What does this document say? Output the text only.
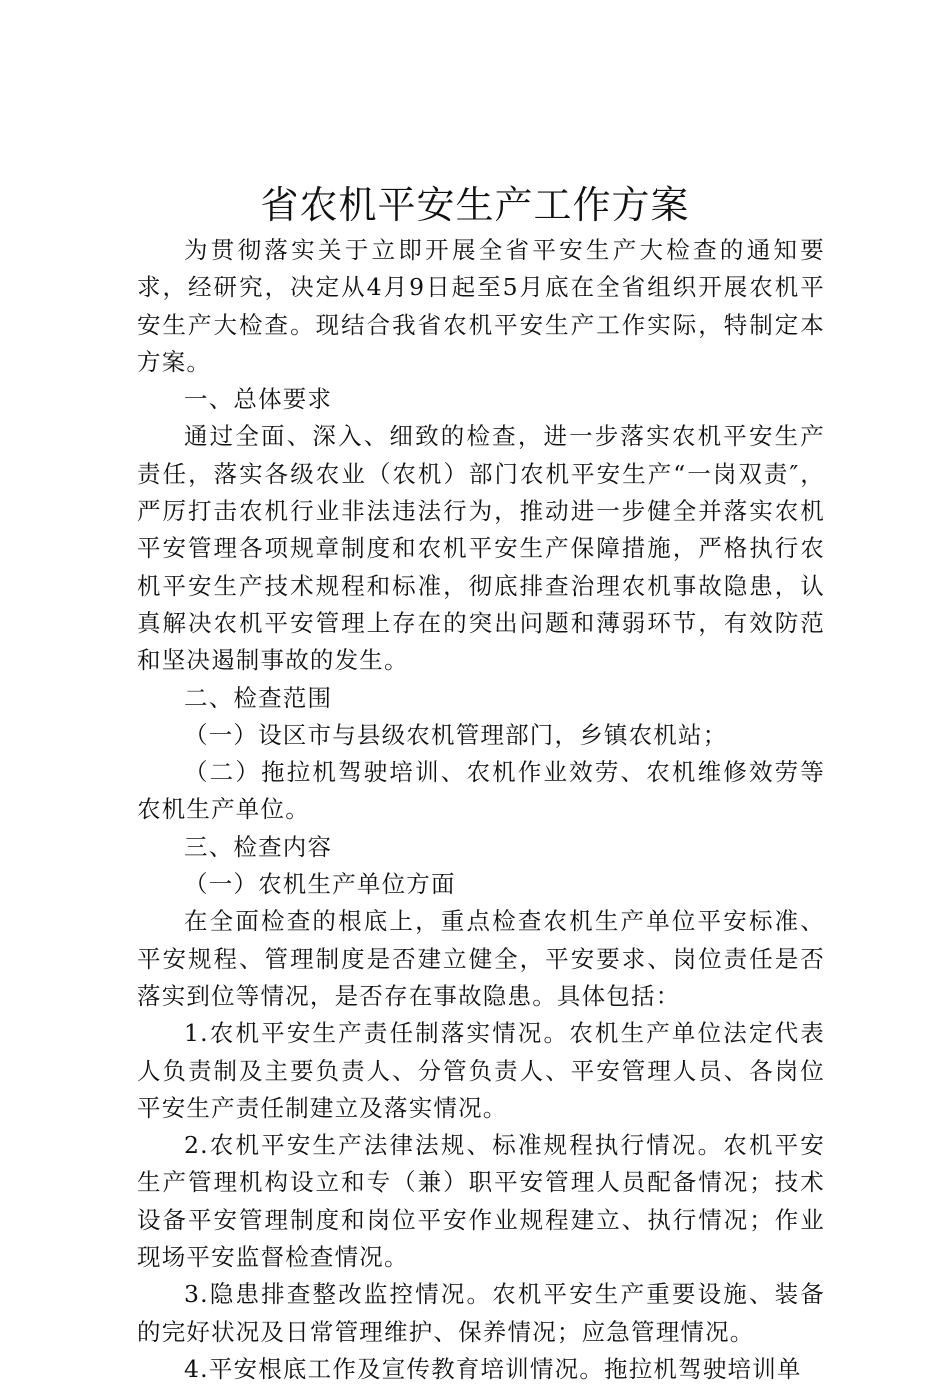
省农机平安生产工作方案

为贯彻落实关于立即开展全省平安生产大检查的通知要求，经研究，决定从4月9日起至5月底在全省组织开展农机平安生产大检查。现结合我省农机平安生产工作实际，特制定本方案。

一、总体要求

通过全面、深入、细致的检查，进一步落实农机平安生产责任，落实各级农业（农机）部门农机平安生产“一岗双责″，严厉打击农机行业非法违法行为，推动进一步健全并落实农机平安管理各项规章制度和农机平安生产保障措施，严格执行农机平安生产技术规程和标准，彻底排查治理农机事故隐患，认真解决农机平安管理上存在的突出问题和薄弱环节，有效防范和坚决遏制事故的发生。

二、检查范围

（一）设区市与县级农机管理部门，乡镇农机站；

（二）拖拉机驾驶培训、农机作业效劳、农机维修效劳等农机生产单位。

三、检查内容

（一）农机生产单位方面

在全面检查的根底上，重点检查农机生产单位平安标准、平安规程、管理制度是否建立健全，平安要求、岗位责任是否落实到位等情况，是否存在事故隐患。具体包括：

1.农机平安生产责任制落实情况。农机生产单位法定代表人负责制及主要负责人、分管负责人、平安管理人员、各岗位平安生产责任制建立及落实情况。

2.农机平安生产法律法规、标准规程执行情况。农机平安生产管理机构设立和专（兼）职平安管理人员配备情况；技术设备平安管理制度和岗位平安作业规程建立、执行情况；作业现场平安监督检查情况。

3.隐患排查整改监控情况。农机平安生产重要设施、装备的完好状况及日常管理维护、保养情况；应急管理情况。

4.平安根底工作及宣传教育培训情况。拖拉机驾驶培训单
